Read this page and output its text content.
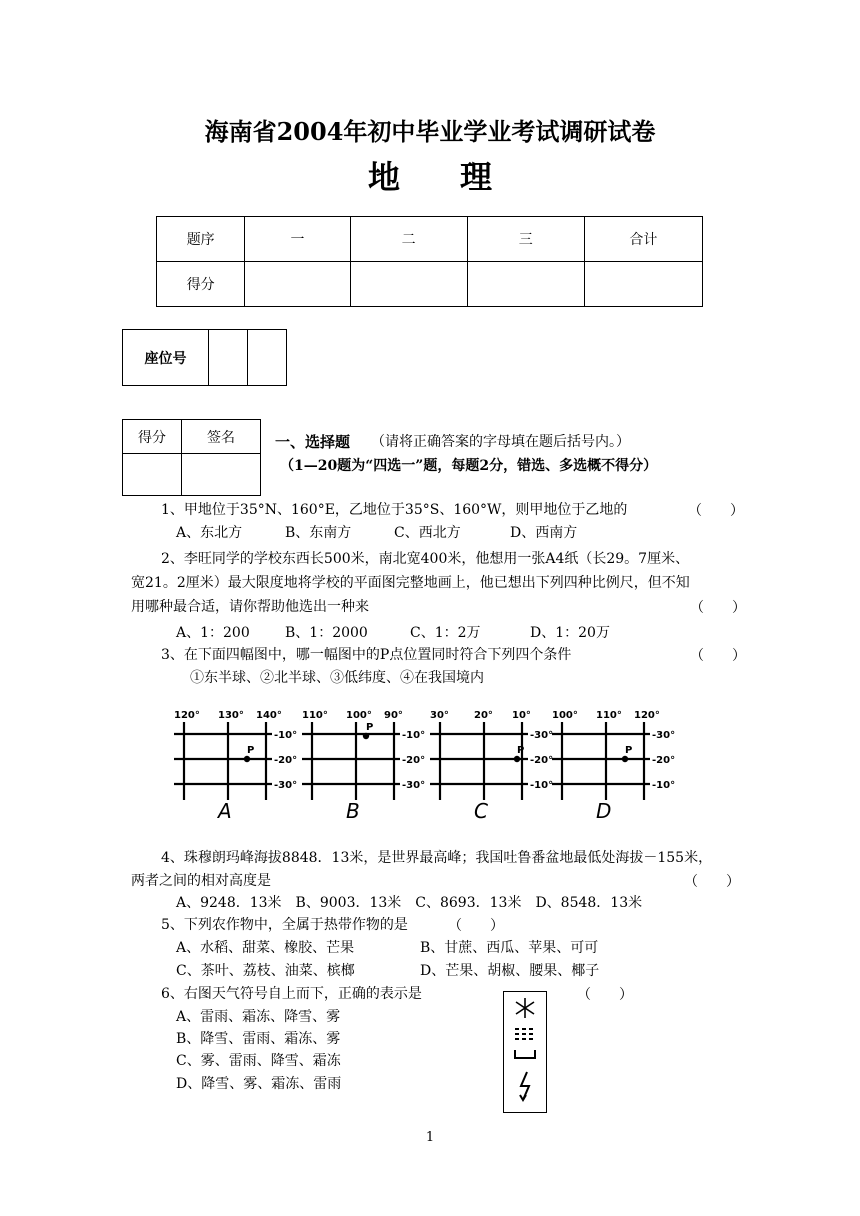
海南省2004年初中毕业学业考试调研试卷
地理
题序	一	二	三	合计
得分				
座位号		
得分	签名
		一、选择题 （请将正确答案的字母填在题后括号内。）
（1—20题为“四选一”题，每题2分，错选、多选概不得分）
1、甲地位于35°N、160°E，乙地位于35°S、160°W，则甲地位于乙地的	（　　）
A、东北方	B、东南方	C、西北方	D、西南方
2、李旺同学的学校东西长500米，南北宽400米，他想用一张A4纸（长29。7厘米、
宽21。2厘米）最大限度地将学校的平面图完整地画上，他已想出下列四种比例尺，但不知
用哪种最合适，请你帮助他选出一种来	（　　）
A、1：200	B、1：2000	C、1：2万	D、1：20万
3、在下面四幅图中，哪一幅图中的P点位置同时符合下列四个条件	（　　）
①东半球、②北半球、③低纬度、④在我国境内
120° 130° 140°
-10°
-20°
-30°
P
A
110° 100° 90°
-10°
-20°
-30°
P
B
30°	20° 10°
-30°
-20°
-10°
P
C
100° 110° 120°
-30°
-20°
-10°
P
D
4、珠穆朗玛峰海拔8848．13米，是世界最高峰；我国吐鲁番盆地最低处海拔－155米，
两者之间的相对高度是	（　　）
A、9248．13米　B、9003．13米　C、8693．13米　D、8548．13米
5、下列农作物中，全属于热带作物的是	（　　）
A、水稻、甜菜、橡胶、芒果	B、甘蔗、西瓜、苹果、可可
C、茶叶、荔枝、油菜、槟榔	D、芒果、胡椒、腰果、椰子
6、右图天气符号自上而下，正确的表示是	（　　）
A、雷雨、霜冻、降雪、雾
B、降雪、雷雨、霜冻、雾
C、雾、雷雨、降雪、霜冻
D、降雪、雾、霜冻、雷雨
1
